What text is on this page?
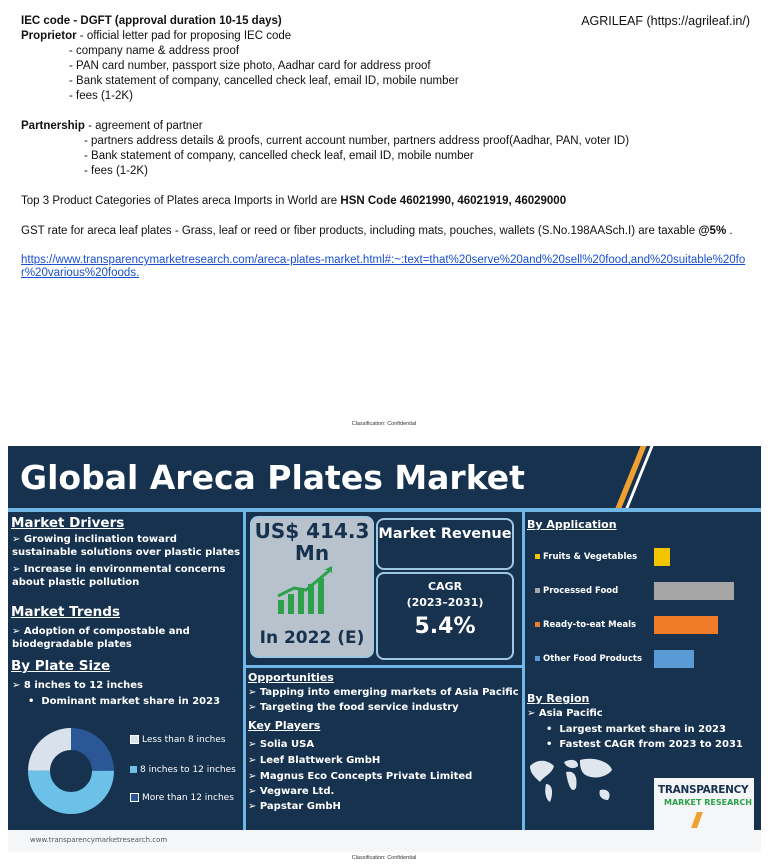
IEC code - DGFT (approval duration 10-15 days)

Proprietor - official letter pad for proposing IEC code

- company name & address proof

- PAN card number, passport size photo, Aadhar card for address proof

- Bank statement of company, cancelled check leaf, email ID, mobile number

- fees (1-2K)

Partnership - agreement of partner

- partners address details & proofs, current account number, partners address proof(Aadhar, PAN, voter ID)

- Bank statement of company, cancelled check leaf, email ID, mobile number

- fees (1-2K)

Top 3 Product Categories of Plates areca Imports in World are HSN Code 46021990, 46021919, 46029000

GST rate for areca leaf plates - Grass, leaf or reed or fiber products, including mats, pouches, wallets (S.No.198AASch.I) are taxable @5% .

https://www.transparencymarketresearch.com/areca-plates-market.html#:~:text=that%20serve%20and%20sell%20food,and%20suitable%20for%20various%20foods.

AGRILEAF (https://agrileaf.in/)
Classification: Confidential
Global Areca Plates Market
Market Drivers
➢ Growing inclination toward sustainable solutions over plastic plates
➢ Increase in environmental concerns about plastic pollution
Market Trends
➢ Adoption of compostable and biodegradable plates
By Plate Size
➢ 8 inches to 12 inches
•  Dominant market share in 2023
Less than 8 inches
8 inches to 12 inches
More than 12 inches
US$ 414.3 Mn
In 2022 (E)
Market Revenue
CAGR
(2023–2031)
5.4%
Opportunities
➢ Tapping into emerging markets of Asia Pacific
➢ Targeting the food service industry
Key Players
➢ Solia USA
➢ Leef Blattwerk GmbH
➢ Magnus Eco Concepts Private Limited
➢ Vegware Ltd.
➢ Papstar GmbH
By Application
Fruits & Vegetables
Processed Food
Ready-to-eat Meals
Other Food Products
By Region
➢ Asia Pacific
•  Largest market share in 2023
•  Fastest CAGR from 2023 to 2031
TRANSPARENCY
MARKET RESEARCH
www.transparencymarketresearch.com
Classification: Confidential
